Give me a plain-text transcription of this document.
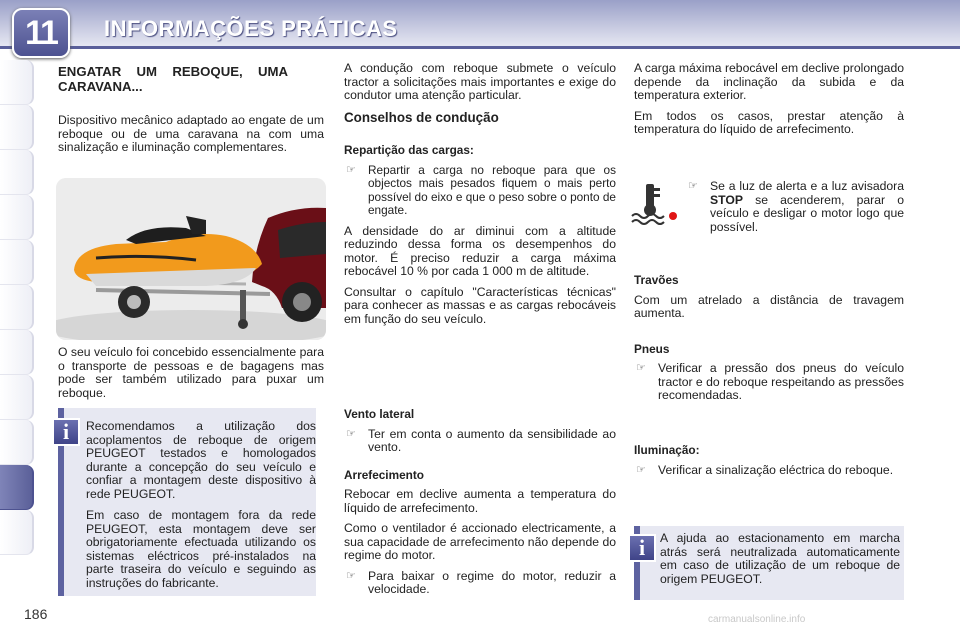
11	INFORMAÇÕES PRÁTICAS
186

ENGATAR UM REBOQUE, UMA CARAVANA...

Dispositivo mecânico adaptado ao engate de um reboque ou de uma caravana na com uma sinalização e iluminação complementares.

O seu veículo foi concebido essencialmente para o transporte de pessoas e de bagagens mas pode ser também utilizado para puxar um reboque.

Recomendamos a utilização dos acoplamentos de reboque de origem PEUGEOT testados e homologados durante a concepção do seu veículo e confiar a montagem deste dispositivo à rede PEUGEOT.

Em caso de montagem fora da rede PEUGEOT, esta montagem deve ser obrigatoriamente efectuada utilizando os sistemas eléctricos pré-instalados na parte traseira do veículo e seguindo as instruções do fabricante.

i

A condução com reboque submete o veículo tractor a solicitações mais importantes e exige do condutor uma atenção particular.

Conselhos de condução

Repartição das cargas:

☞ Repartir a carga no reboque para que os objectos mais pesados fiquem o mais perto possível do eixo e que o peso sobre o ponto de engate.

A densidade do ar diminui com a altitude reduzindo dessa forma os desempenhos do motor. É preciso reduzir a carga máxima rebocável 10 % por cada 1 000 m de altitude.

Consultar o capítulo "Características técnicas" para conhecer as massas e as cargas rebocáveis em função do seu veículo.

Vento lateral

☞ Ter em conta o aumento da sensibilidade ao vento.

Arrefecimento

Rebocar em declive aumenta a temperatura do líquido de arrefecimento.

Como o ventilador é accionado electricamente, a sua capacidade de arrefecimento não depende do regime do motor.

☞ Para baixar o regime do motor, reduzir a velocidade.

A carga máxima rebocável em declive prolongado depende da inclinação da subida e da temperatura exterior.

Em todos os casos, prestar atenção à temperatura do líquido de arrefecimento.

☞ Se a luz de alerta e a luz avisadora STOP se acenderem, parar o veículo e desligar o motor logo que possível.

Travões

Com um atrelado a distância de travagem aumenta.

Pneus

☞ Verificar a pressão dos pneus do veículo tractor e do reboque respeitando as pressões recomendadas.

Iluminação:

☞ Verificar a sinalização eléctrica do reboque.

A ajuda ao estacionamento em marcha atrás será neutralizada automaticamente em caso de utilização de um reboque de origem PEUGEOT.

i
carmanualsonline.info
